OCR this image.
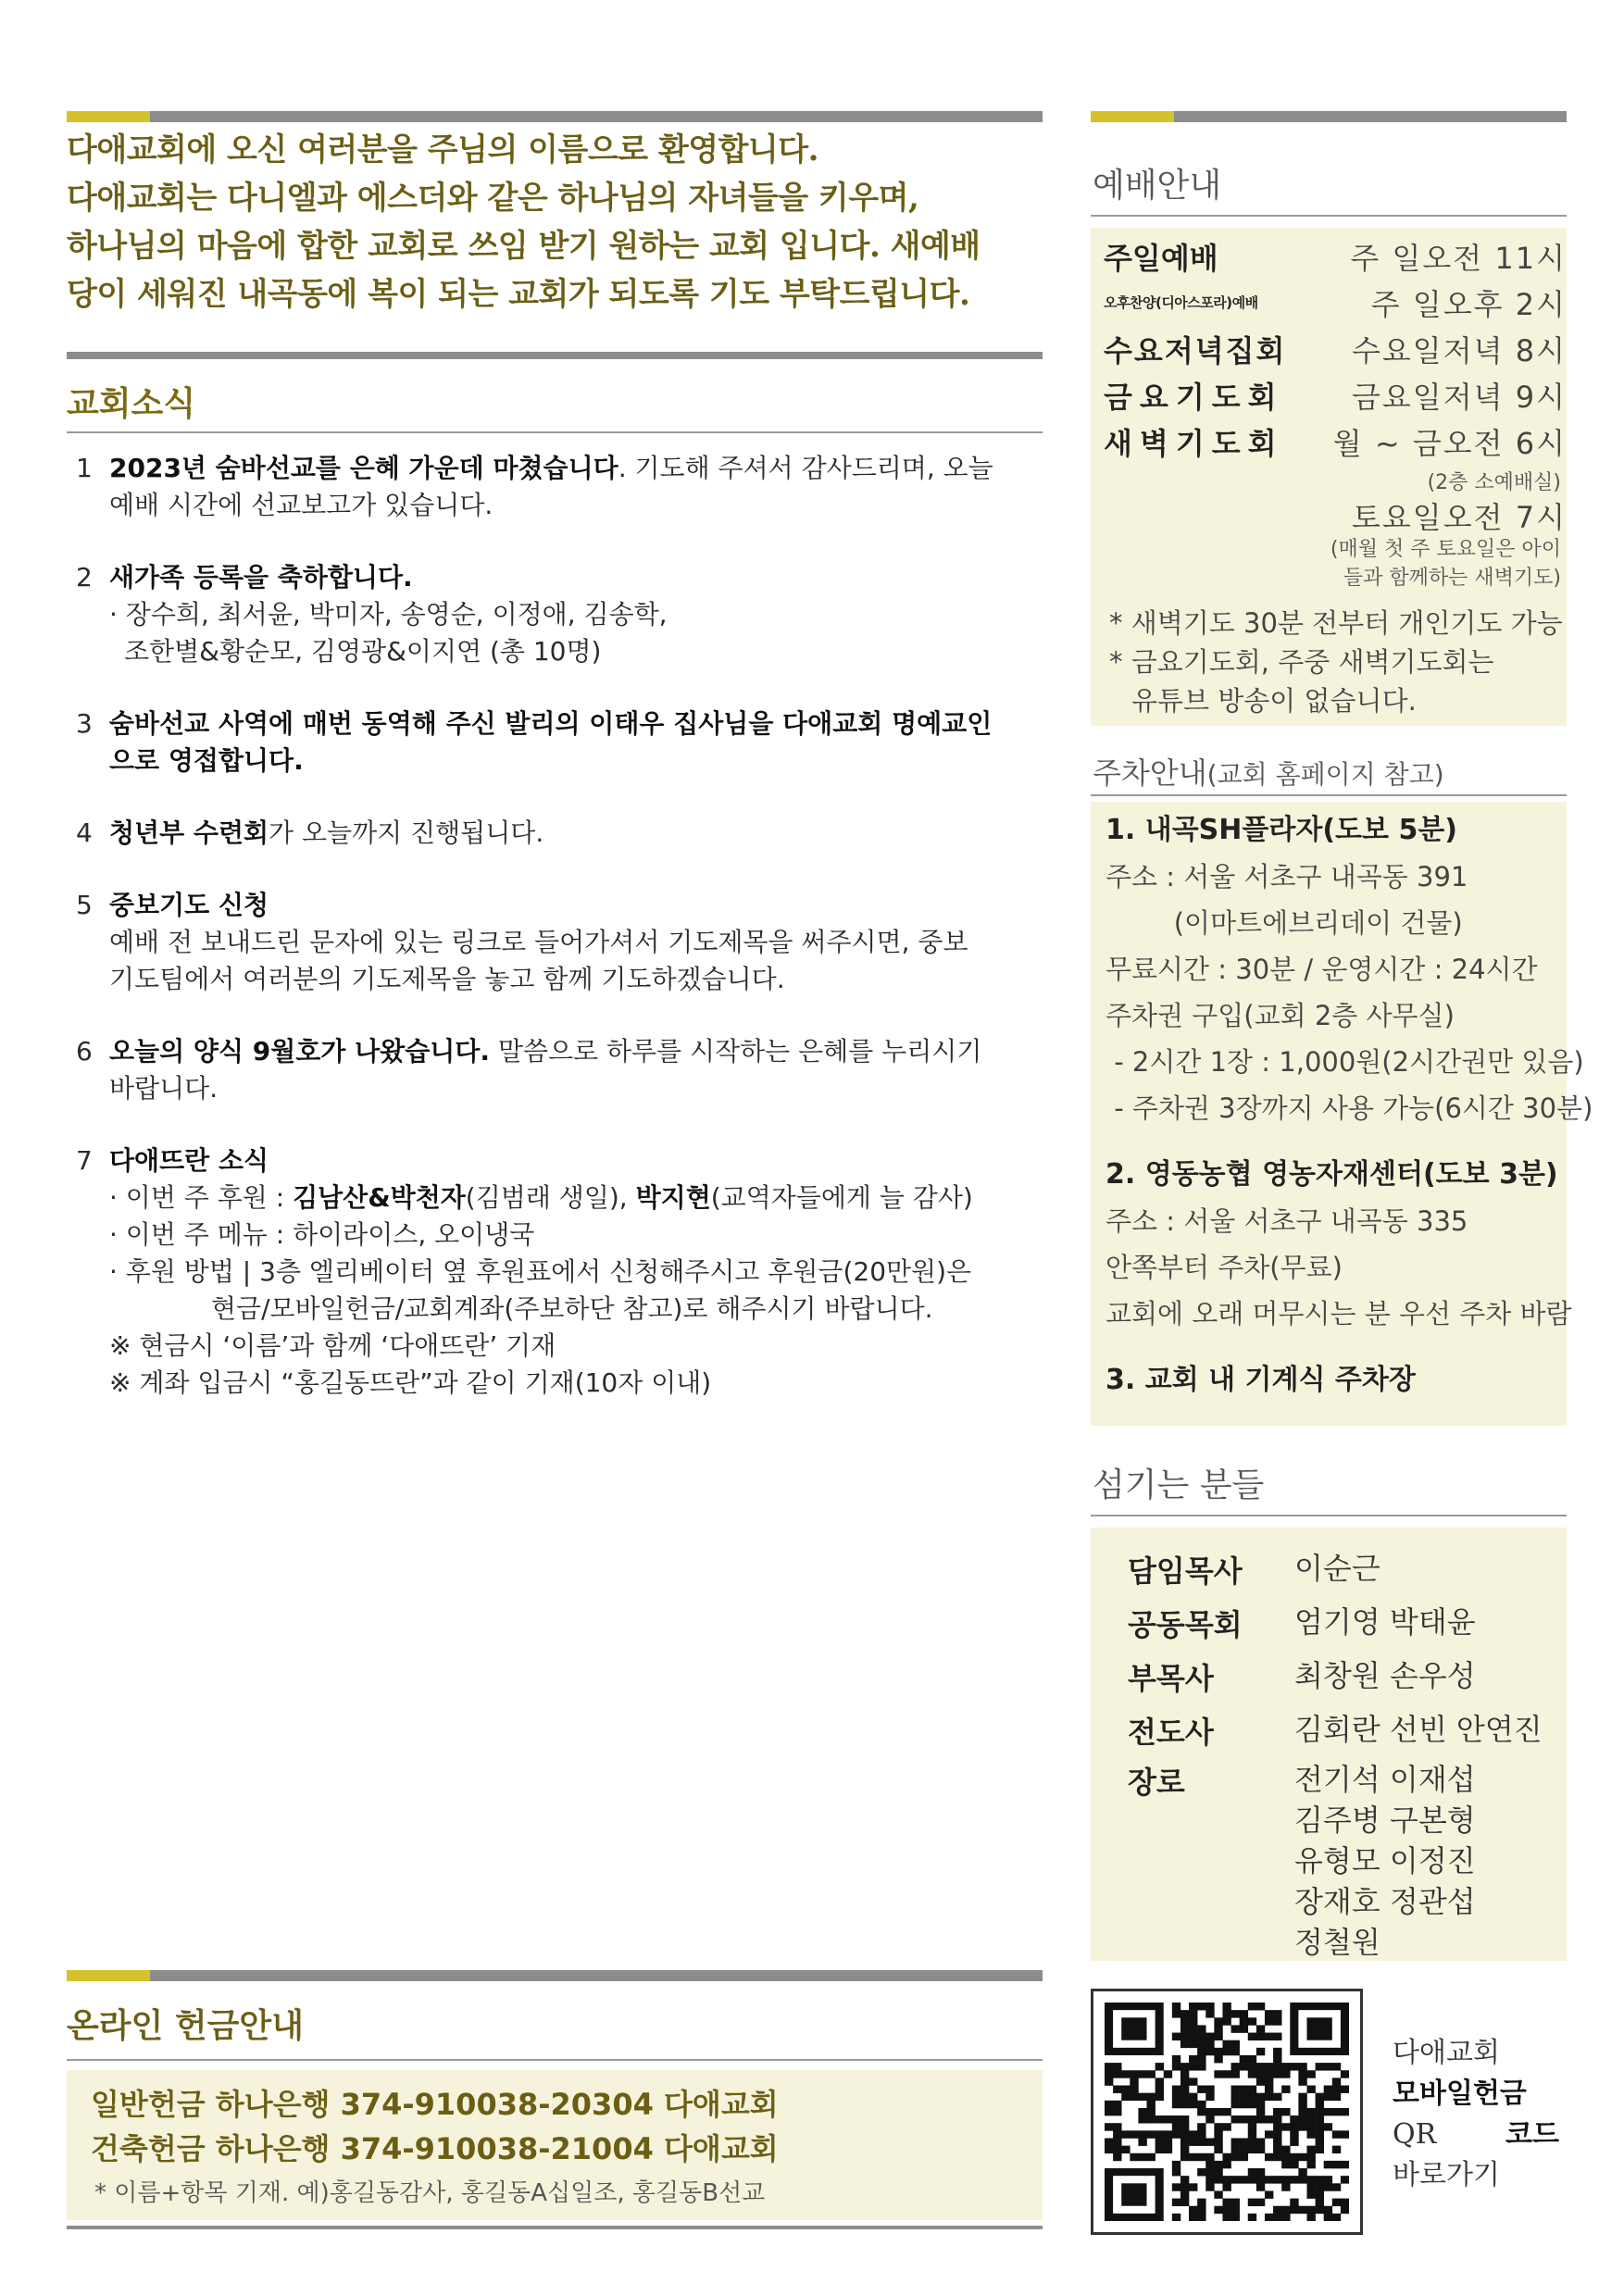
다애교회에 오신 여러분을 주님의 이름으로 환영합니다.

다애교회는 다니엘과 에스더와 같은 하나님의 자녀들을 키우며,

하나님의 마음에 합한 교회로 쓰임 받기 원하는 교회 입니다. 새예배

당이 세워진 내곡동에 복이 되는 교회가 되도록 기도 부탁드립니다.

교회소식
1 2023년 숨바선교를 은혜 가운데 마쳤습니다. 기도해 주셔서 감사드리며, 오늘
예배 시간에 선교보고가 있습니다.
2 새가족 등록을 축하합니다.
· 장수희, 최서윤, 박미자, 송영순, 이정애, 김송학,
조한별&황순모, 김영광&이지연 (총 10명)
3 숨바선교 사역에 매번 동역해 주신 발리의 이태우 집사님을 다애교회 명예교인
으로 영접합니다.
4 청년부 수련회가 오늘까지 진행됩니다.
5 중보기도 신청
예배 전 보내드린 문자에 있는 링크로 들어가셔서 기도제목을 써주시면, 중보
기도팀에서 여러분의 기도제목을 놓고 함께 기도하겠습니다.
6 오늘의 양식 9월호가 나왔습니다. 말씀으로 하루를 시작하는 은혜를 누리시기
바랍니다.
7 다애뜨란 소식
· 이번 주 후원 : 김남산&박천자(김범래 생일), 박지현(교역자들에게 늘 감사)
· 이번 주 메뉴 : 하이라이스, 오이냉국
· 후원 방법 | 3층 엘리베이터 옆 후원표에서 신청해주시고 후원금(20만원)은
현금/모바일헌금/교회계좌(주보하단 참고)로 해주시기 바랍니다.
※ 현금시 ‘이름’과 함께 ‘다애뜨란’ 기재
※ 계좌 입금시 “홍길동뜨란”과 같이 기재(10자 이내)
온라인 헌금안내
일반헌금 하나은행 374-910038-20304 다애교회
건축헌금 하나은행 374-910038-21004 다애교회
* 이름+항목 기재. 예)홍길동감사, 홍길동A십일조, 홍길동B선교
예배안내
주일예배	주 일오전 11시
오후찬양(디아스포라)예배	주 일오후 2시
수요저녁집회	수요일저녁 8시
금요기도회	금요일저녁 9시
새벽기도회	월 ~ 금오전 6시
(2층 소예배실)
토요일오전 7시
(매월 첫 주 토요일은 아이
들과 함께하는 새벽기도)
* 새벽기도 30분 전부터 개인기도 가능
* 금요기도회, 주중 새벽기도회는
유튜브 방송이 없습니다.
주차안내(교회 홈페이지 참고)
1. 내곡SH플라자(도보 5분)
주소 : 서울 서초구 내곡동 391
(이마트에브리데이 건물)
무료시간 : 30분 / 운영시간 : 24시간
주차권 구입(교회 2층 사무실)
- 2시간 1장 : 1,000원(2시간권만 있음)
- 주차권 3장까지 사용 가능(6시간 30분)
2. 영동농협 영농자재센터(도보 3분)
주소 : 서울 서초구 내곡동 335
안쪽부터 주차(무료)
교회에 오래 머무시는 분 우선 주차 바람
3. 교회 내 기계식 주차장
섬기는 분들
담임목사	이순근
공동목회	엄기영 박태윤
부목사	최창원 손우성
전도사	김회란 선빈 안연진
장로	전기석 이재섭
김주병 구본형
유형모 이정진
장재호 정관섭
정철원
다애교회
모바일헌금
QR 코드
바로가기
